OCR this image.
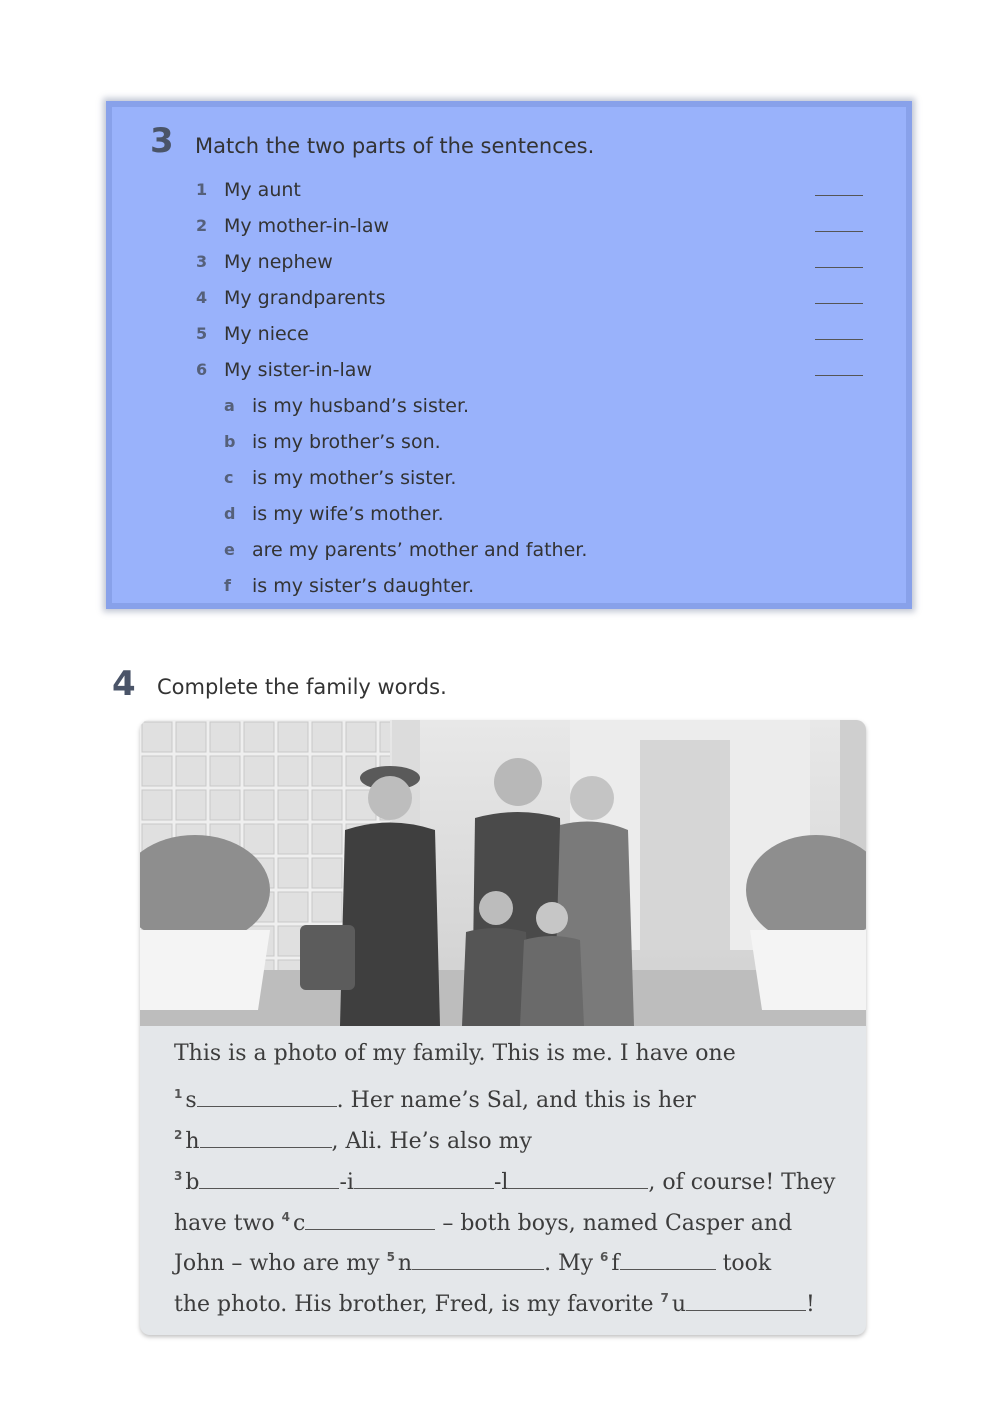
3 Match the two parts of the sentences.
1 My aunt
2 My mother-in-law
3 My nephew
4 My grandparents
5 My niece
6 My sister-in-law
a is my husband’s sister.
b is my brother’s son.
c is my mother’s sister.
d is my wife’s mother.
e are my parents’ mother and father.
f	is my sister’s daughter.
4 Complete the family words.
This is a photo of my family. This is me. I have one
$^1$ s	. Her name’s Sal, and this is her
$^2$ h	, Ali. He’s also my
$^3$ b	-i	-l	, of course! They
have two $^4$ c	– both boys, named Casper and
John – who are my $^5$ n	. My $^6$ f	took
the photo. His brother, Fred, is my favorite $^7$ u	!
